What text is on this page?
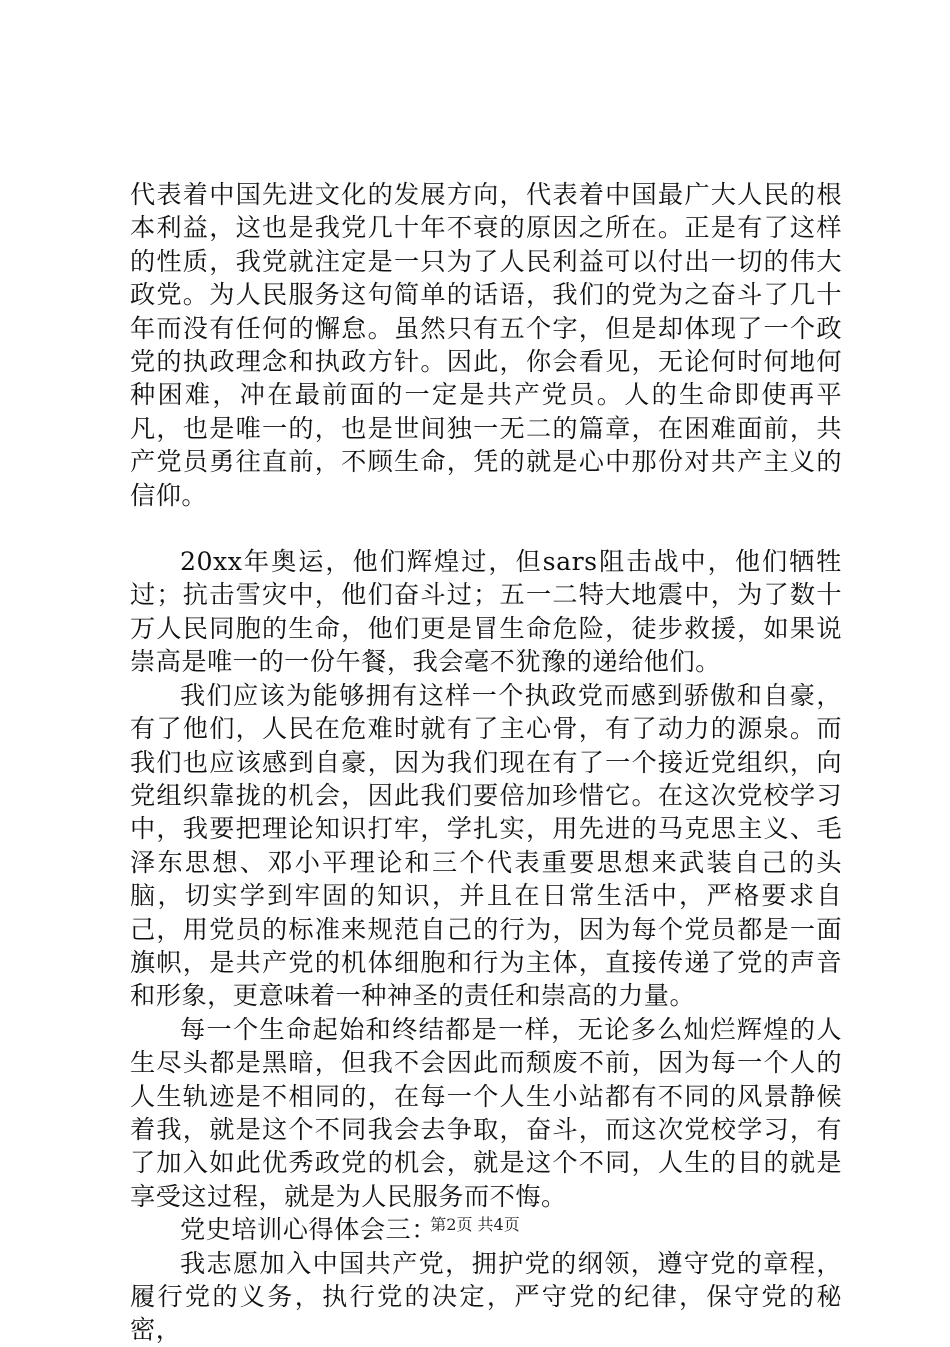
代表着中国先进文化的发展方向，代表着中国最广大人民的根本利益，这也是我党几十年不衰的原因之所在。正是有了这样的性质，我党就注定是一只为了人民利益可以付出一切的伟大政党。为人民服务这句简单的话语，我们的党为之奋斗了几十年而没有任何的懈怠。虽然只有五个字，但是却体现了一个政党的执政理念和执政方针。因此，你会看见，无论何时何地何种困难，冲在最前面的一定是共产党员。人的生命即使再平凡，也是唯一的，也是世间独一无二的篇章，在困难面前，共产党员勇往直前，不顾生命，凭的就是心中那份对共产主义的信仰。

20xx年奥运，他们辉煌过，但sars阻击战中，他们牺牲过；抗击雪灾中，他们奋斗过；五一二特大地震中，为了数十万人民同胞的生命，他们更是冒生命危险，徒步救援，如果说崇高是唯一的一份午餐，我会毫不犹豫的递给他们。

我们应该为能够拥有这样一个执政党而感到骄傲和自豪，有了他们，人民在危难时就有了主心骨，有了动力的源泉。而我们也应该感到自豪，因为我们现在有了一个接近党组织，向党组织靠拢的机会，因此我们要倍加珍惜它。在这次党校学习中，我要把理论知识打牢，学扎实，用先进的马克思主义、毛泽东思想、邓小平理论和三个代表重要思想来武装自己的头脑，切实学到牢固的知识，并且在日常生活中，严格要求自己，用党员的标准来规范自己的行为，因为每个党员都是一面旗帜，是共产党的机体细胞和行为主体，直接传递了党的声音和形象，更意味着一种神圣的责任和崇高的力量。

每一个生命起始和终结都是一样，无论多么灿烂辉煌的人生尽头都是黑暗，但我不会因此而颓废不前，因为每一个人的人生轨迹是不相同的，在每一个人生小站都有不同的风景静候着我，就是这个不同我会去争取，奋斗，而这次党校学习，有了加入如此优秀政党的机会，就是这个不同，人生的目的就是享受这过程，就是为人民服务而不悔。

党史培训心得体会三：

我志愿加入中国共产党，拥护党的纲领，遵守党的章程，履行党的义务，执行党的决定，严守党的纪律，保守党的秘密，

第2页 共4页
